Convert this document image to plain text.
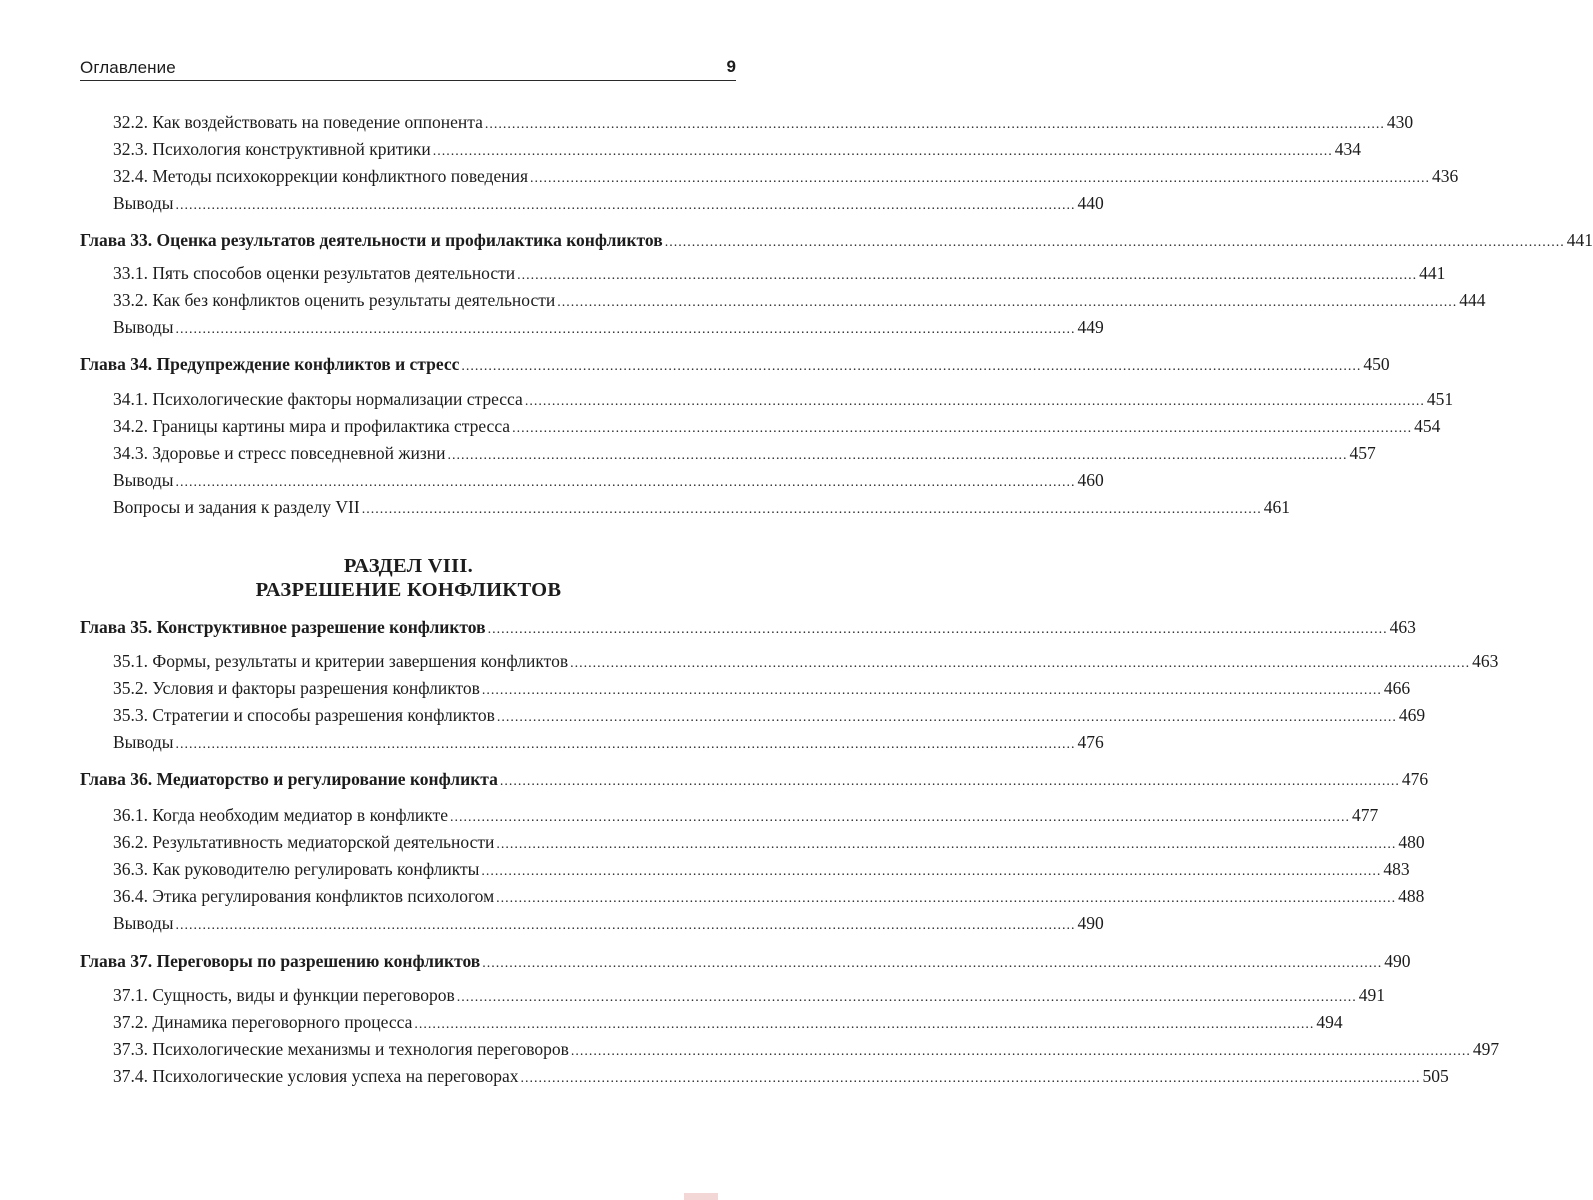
Оглавление	9
32.2. Как воздействовать на поведение оппонента ........................................................................................................................................................................................................ 430
32.3. Психология конструктивной критики ........................................................................................................................................................................................................ 434
32.4. Методы психокоррекции конфликтного поведения ........................................................................................................................................................................................................ 436
Выводы ........................................................................................................................................................................................................ 440
Глава 33. Оценка результатов деятельности и профилактика конфликтов ........................................................................................................................................................................................................ 441
33.1. Пять способов оценки результатов деятельности ........................................................................................................................................................................................................ 441
33.2. Как без конфликтов оценить результаты деятельности ........................................................................................................................................................................................................ 444
Выводы ........................................................................................................................................................................................................ 449
Глава 34. Предупреждение конфликтов и стресс ........................................................................................................................................................................................................ 450
34.1. Психологические факторы нормализации стресса ........................................................................................................................................................................................................ 451
34.2. Границы картины мира и профилактика стресса ........................................................................................................................................................................................................ 454
34.3. Здоровье и стресс повседневной жизни ........................................................................................................................................................................................................ 457
Выводы ........................................................................................................................................................................................................ 460
Вопросы и задания к разделу VII ........................................................................................................................................................................................................ 461
Глава 35. Конструктивное разрешение конфликтов ........................................................................................................................................................................................................ 463
35.1. Формы, результаты и критерии завершения конфликтов ........................................................................................................................................................................................................ 463
35.2. Условия и факторы разрешения конфликтов ........................................................................................................................................................................................................ 466
35.3. Стратегии и способы разрешения конфликтов ........................................................................................................................................................................................................ 469
Выводы ........................................................................................................................................................................................................ 476
Глава 36. Медиаторство и регулирование конфликта ........................................................................................................................................................................................................ 476
36.1. Когда необходим медиатор в конфликте ........................................................................................................................................................................................................ 477
36.2. Результативность медиаторской деятельности ........................................................................................................................................................................................................ 480
36.3. Как руководителю регулировать конфликты ........................................................................................................................................................................................................ 483
36.4. Этика регулирования конфликтов психологом ........................................................................................................................................................................................................ 488
Выводы ........................................................................................................................................................................................................ 490
Глава 37. Переговоры по разрешению конфликтов ........................................................................................................................................................................................................ 490
37.1. Сущность, виды и функции переговоров ........................................................................................................................................................................................................ 491
37.2. Динамика переговорного процесса ........................................................................................................................................................................................................ 494
37.3. Психологические механизмы и технология переговоров ........................................................................................................................................................................................................ 497
37.4. Психологические условия успеха на переговорах ........................................................................................................................................................................................................ 505
РАЗДЕЛ VIII.
РАЗРЕШЕНИЕ КОНФЛИКТОВ
